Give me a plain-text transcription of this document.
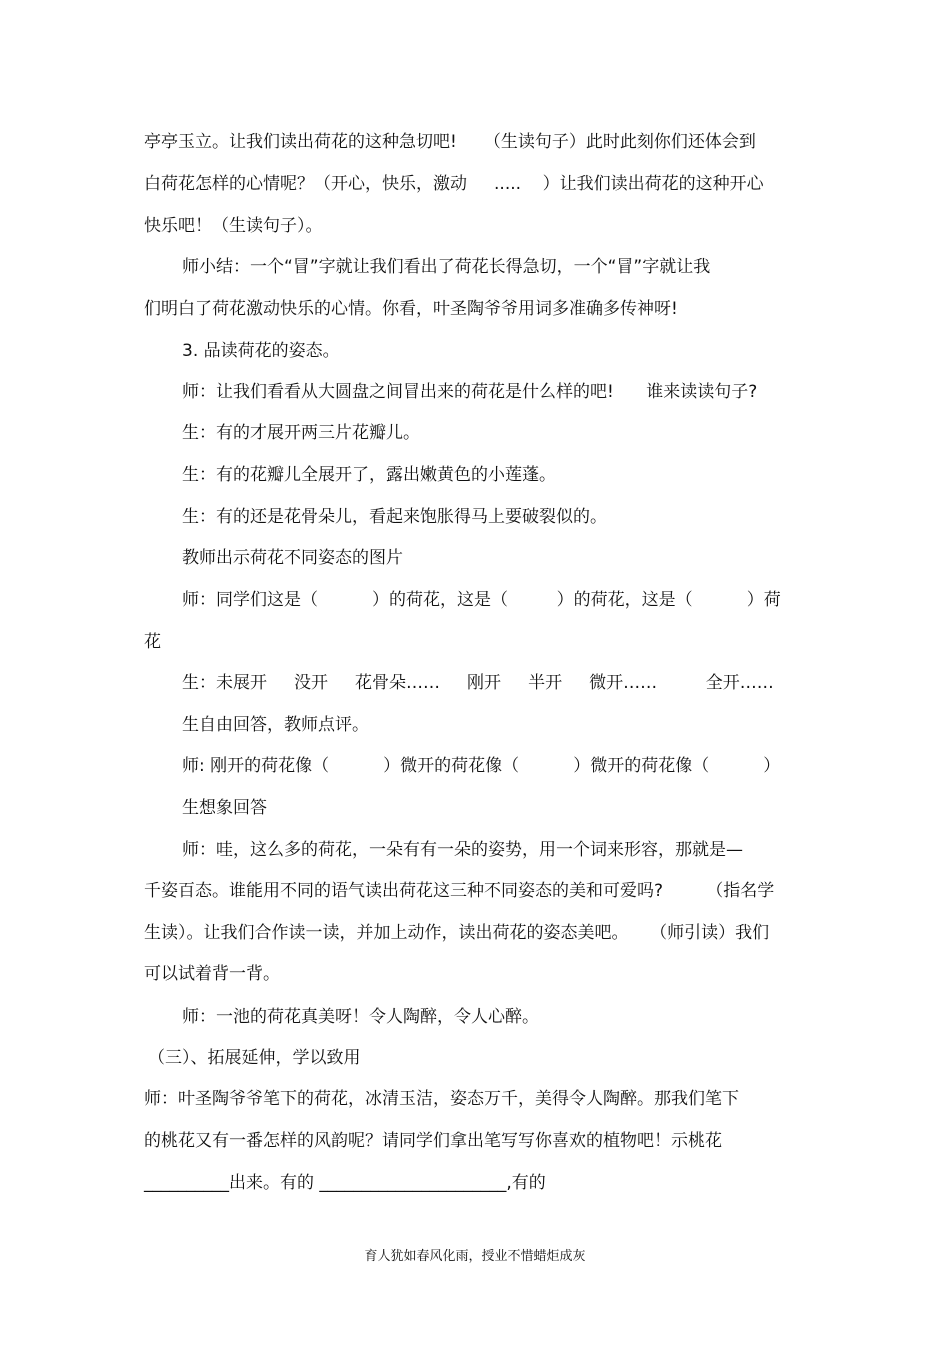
亭亭玉立。让我们读出荷花的这种急切吧!     （生读句子）此时此刻你们还体会到
白荷花怎样的心情呢？（开心，快乐，激动     .....    ）让我们读出荷花的这种开心
快乐吧！（生读句子）。
师小结：一个“冒”字就让我们看出了荷花长得急切，一个“冒”字就让我
们明白了荷花激动快乐的心情。你看，叶圣陶爷爷用词多准确多传神呀!
3. 品读荷花的姿态。
师：让我们看看从大圆盘之间冒出来的荷花是什么样的吧!      谁来读读句子?
生：有的才展开两三片花瓣儿。
生：有的花瓣儿全展开了，露出嫩黄色的小莲蓬。
生：有的还是花骨朵儿，看起来饱胀得马上要破裂似的。
教师出示荷花不同姿态的图片
师：同学们这是（          ）的荷花，这是（         ）的荷花，这是（          ）荷
花
生：未展开     没开     花骨朵……     刚开     半开     微开……         全开……
生自由回答，教师点评。
师: 刚开的荷花像（          ）微开的荷花像（          ）微开的荷花像（          ）
生想象回答
师：哇，这么多的荷花，一朵有有一朵的姿势，用一个词来形容，那就是—
千姿百态。谁能用不同的语气读出荷花这三种不同姿态的美和可爱吗?        （指名学
生读）。让我们合作读一读，并加上动作，读出荷花的姿态美吧。    （师引读）我们
可以试着背一背。
师：一池的荷花真美呀！令人陶醉，令人心醉。
（三）、拓展延伸，学以致用
师：叶圣陶爷爷笔下的荷花，冰清玉洁，姿态万千，美得令人陶醉。那我们笔下
的桃花又有一番怎样的风韵呢？请同学们拿出笔写写你喜欢的植物吧！示桃花
__________出来。有的 ______________________,有的
育人犹如春风化雨，授业不惜蜡炬成灰
